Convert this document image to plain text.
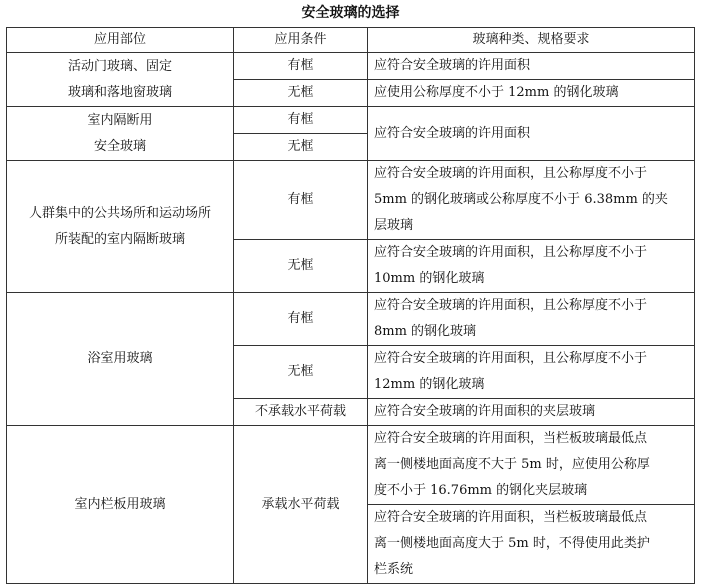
安全玻璃的选择
应用部位	应用条件	玻璃种类、规格要求

活动门玻璃、固定
玻璃和落地窗玻璃	有框	应符合安全玻璃的许用面积

	无框	应使用公称厚度不小于 12mm 的钢化玻璃

室内隔断用
安全玻璃	有框	应符合安全玻璃的许用面积

	无框	

人群集中的公共场所和运动场所
所装配的室内隔断玻璃	有框	应符合安全玻璃的许用面积，且公称厚度不小于
5mm 的钢化玻璃或公称厚度不小于 6.38mm 的夹
层玻璃

	无框	应符合安全玻璃的许用面积，且公称厚度不小于
10mm 的钢化玻璃

浴室用玻璃	有框	应符合安全玻璃的许用面积，且公称厚度不小于
8mm 的钢化玻璃

	无框	应符合安全玻璃的许用面积，且公称厚度不小于
12mm 的钢化玻璃

	不承载水平荷载	应符合安全玻璃的许用面积的夹层玻璃

室内栏板用玻璃	承载水平荷载	应符合安全玻璃的许用面积，当栏板玻璃最低点
离一侧楼地面高度不大于 5m 时，应使用公称厚
度不小于 16.76mm 的钢化夹层玻璃

		应符合安全玻璃的许用面积，当栏板玻璃最低点
离一侧楼地面高度大于 5m 时，不得使用此类护
栏系统
